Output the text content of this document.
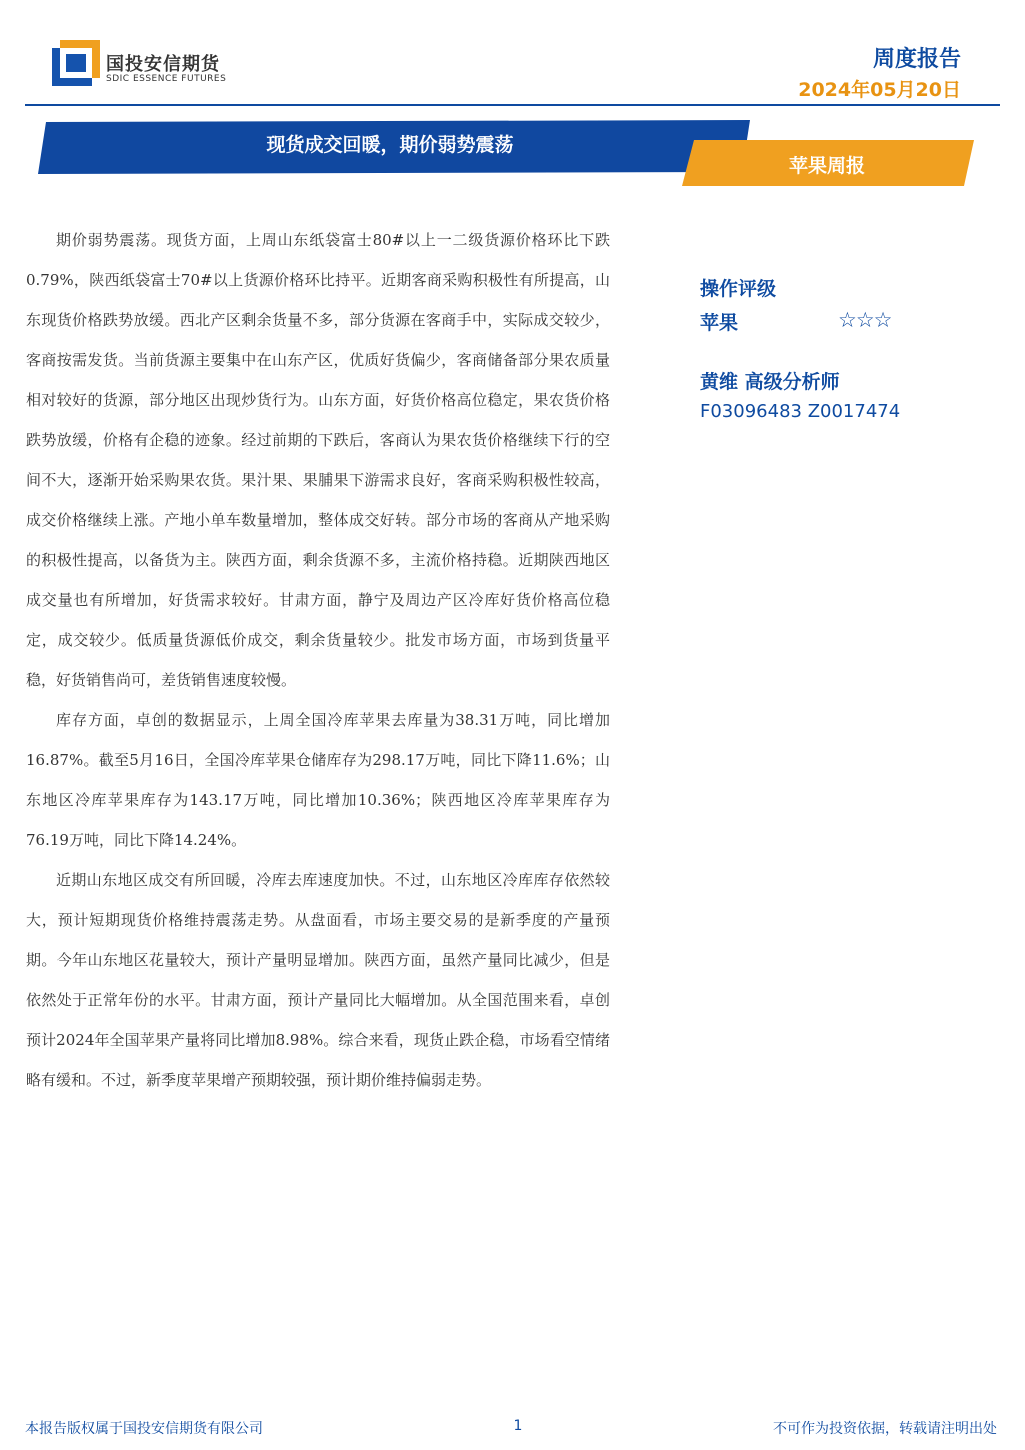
国投安信期货
SDIC ESSENCE FUTURES
周度报告
2024年05月20日
现货成交回暖，期价弱势震荡
苹果周报

期价弱势震荡。现货方面，上周山东纸袋富士80#以上一二级货源价格环比下跌0.79%，陕西纸袋富士70#以上货源价格环比持平。近期客商采购积极性有所提高，山东现货价格跌势放缓。西北产区剩余货量不多，部分货源在客商手中，实际成交较少，客商按需发货。当前货源主要集中在山东产区，优质好货偏少，客商储备部分果农质量相对较好的货源，部分地区出现炒货行为。山东方面，好货价格高位稳定，果农货价格跌势放缓，价格有企稳的迹象。经过前期的下跌后，客商认为果农货价格继续下行的空间不大，逐渐开始采购果农货。果汁果、果脯果下游需求良好，客商采购积极性较高，成交价格继续上涨。产地小单车数量增加，整体成交好转。部分市场的客商从产地采购的积极性提高，以备货为主。陕西方面，剩余货源不多，主流价格持稳。近期陕西地区成交量也有所增加，好货需求较好。甘肃方面，静宁及周边产区冷库好货价格高位稳定，成交较少。低质量货源低价成交，剩余货量较少。批发市场方面，市场到货量平稳，好货销售尚可，差货销售速度较慢。

库存方面，卓创的数据显示，上周全国冷库苹果去库量为38.31万吨，同比增加16.87%。截至5月16日，全国冷库苹果仓储库存为298.17万吨，同比下降11.6%；山东地区冷库苹果库存为143.17万吨，同比增加10.36%；陕西地区冷库苹果库存为76.19万吨，同比下降14.24%。

近期山东地区成交有所回暖，冷库去库速度加快。不过，山东地区冷库库存依然较大，预计短期现货价格维持震荡走势。从盘面看，市场主要交易的是新季度的产量预期。今年山东地区花量较大，预计产量明显增加。陕西方面，虽然产量同比减少，但是依然处于正常年份的水平。甘肃方面，预计产量同比大幅增加。从全国范围来看，卓创预计2024年全国苹果产量将同比增加8.98%。综合来看，现货止跌企稳，市场看空情绪略有缓和。不过，新季度苹果增产预期较强，预计期价维持偏弱走势。

操作评级
苹果	☆☆☆
黄维 高级分析师
F03096483 Z0017474
本报告版权属于国投安信期货有限公司	1	不可作为投资依据，转载请注明出处
